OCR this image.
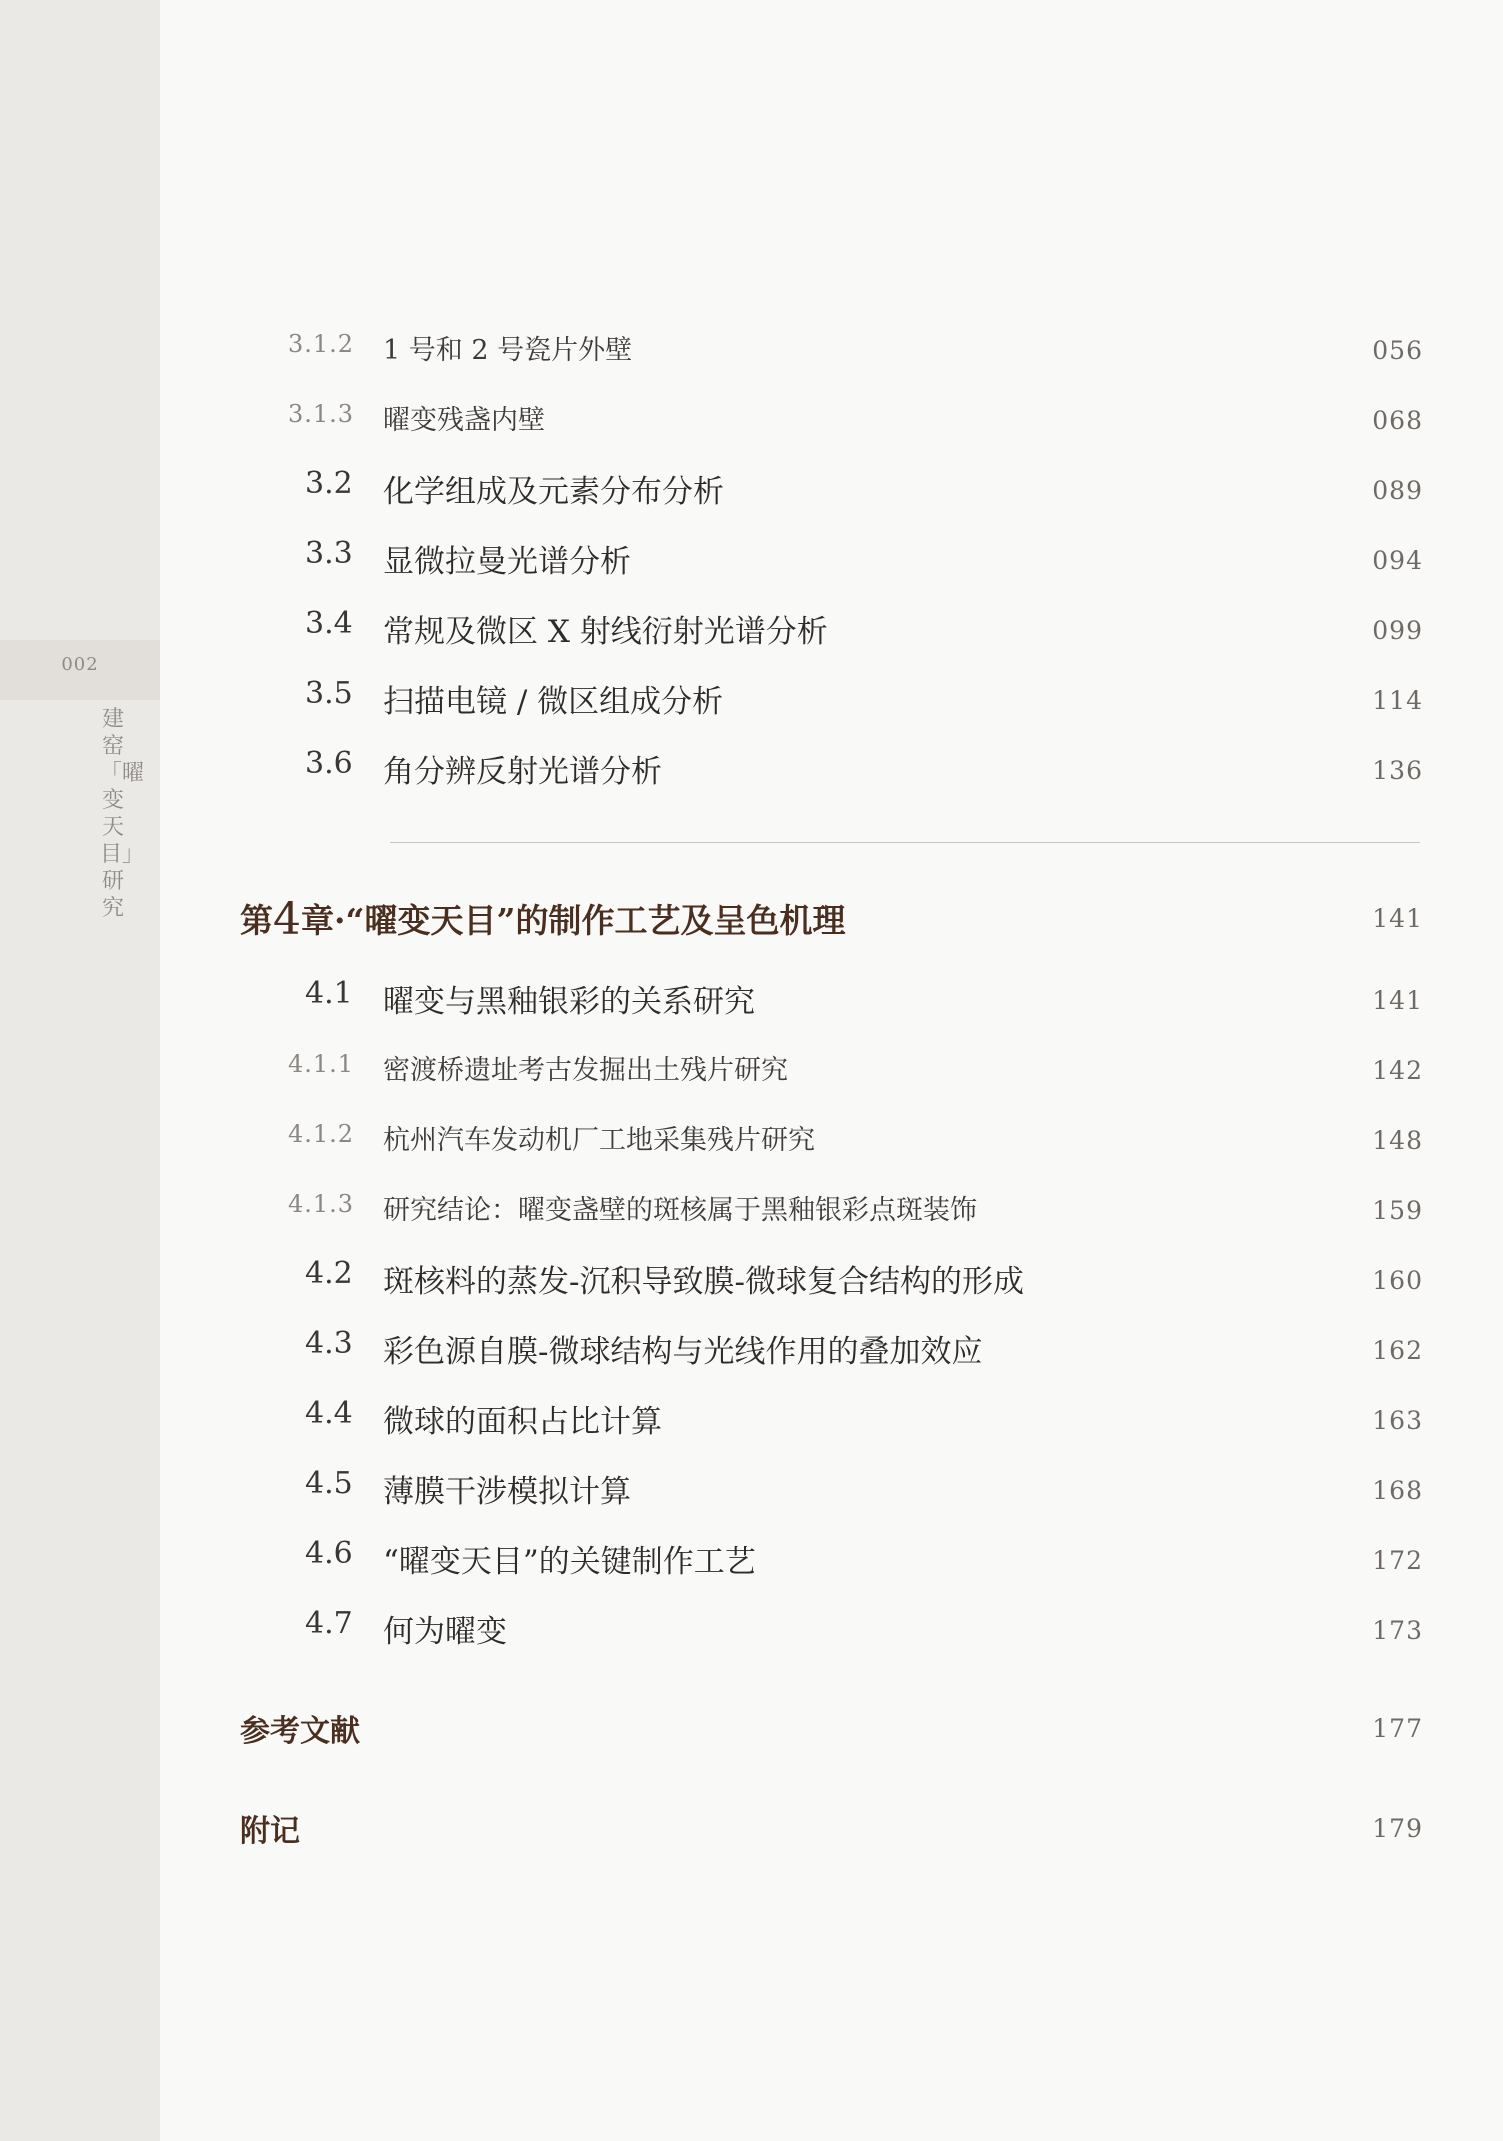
002
建窑「曜变天目」研究
3.1.2 1 号和 2 号瓷片外壁	056
3.1.3 曜变残盏内壁	068
3.2 化学组成及元素分布分析	089
3.3 显微拉曼光谱分析	094
3.4 常规及微区 X 射线衍射光谱分析	099
3.5 扫描电镜 / 微区组成分析	114
3.6 角分辨反射光谱分析	136
第4章·“曜变天目”的制作工艺及呈色机理	141
4.1 曜变与黑釉银彩的关系研究	141
4.1.1 密渡桥遗址考古发掘出土残片研究	142
4.1.2 杭州汽车发动机厂工地采集残片研究	148
4.1.3 研究结论：曜变盏壁的斑核属于黑釉银彩点斑装饰	159
4.2 斑核料的蒸发-沉积导致膜-微球复合结构的形成	160
4.3 彩色源自膜-微球结构与光线作用的叠加效应	162
4.4 微球的面积占比计算	163
4.5 薄膜干涉模拟计算	168
4.6 “曜变天目”的关键制作工艺	172
4.7 何为曜变	173
参考文献	177
附记	179
